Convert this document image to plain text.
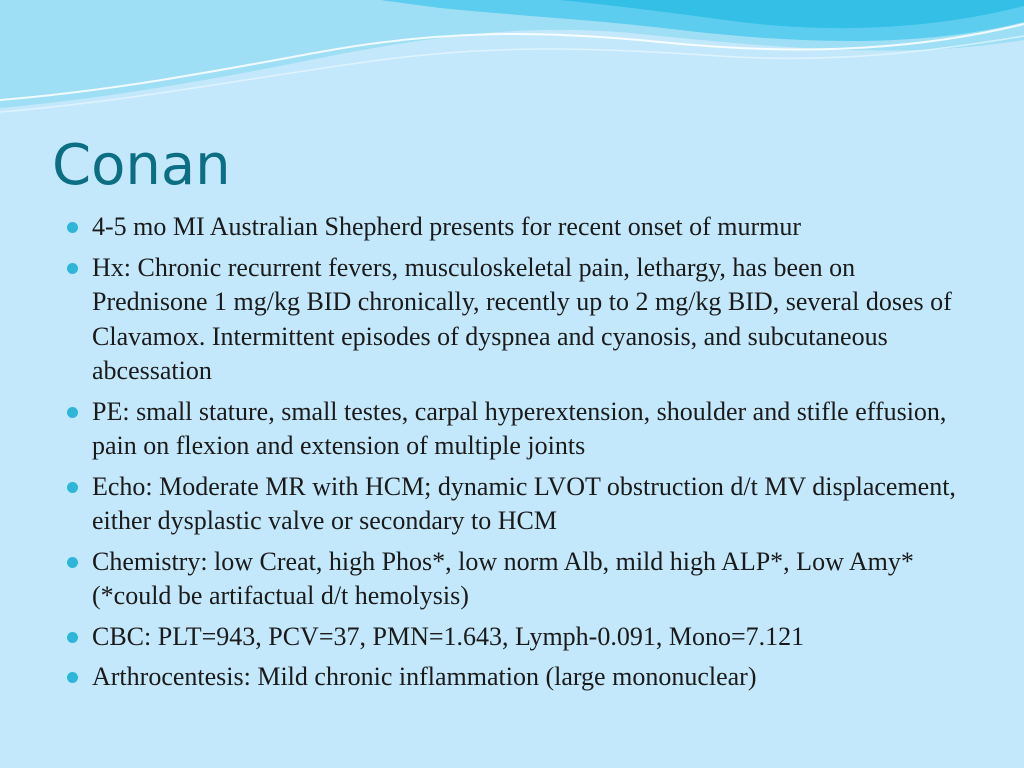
Conan
4-5 mo MI Australian Shepherd presents for recent onset of murmur
Hx: Chronic recurrent fevers, musculoskeletal pain, lethargy, has been on Prednisone 1 mg/kg BID chronically, recently up to 2 mg/kg BID, several doses of Clavamox. Intermittent episodes of dyspnea and cyanosis, and subcutaneous abcessation
PE: small stature, small testes, carpal hyperextension, shoulder and stifle effusion, pain on flexion and extension of multiple joints
Echo: Moderate MR with HCM; dynamic LVOT obstruction d/t MV displacement, either dysplastic valve or secondary to HCM
Chemistry: low Creat, high Phos*, low norm Alb, mild high ALP*, Low Amy* (*could be artifactual d/t hemolysis)
CBC: PLT=943, PCV=37, PMN=1.643, Lymph-0.091, Mono=7.121
Arthrocentesis: Mild chronic inflammation (large mononuclear)
